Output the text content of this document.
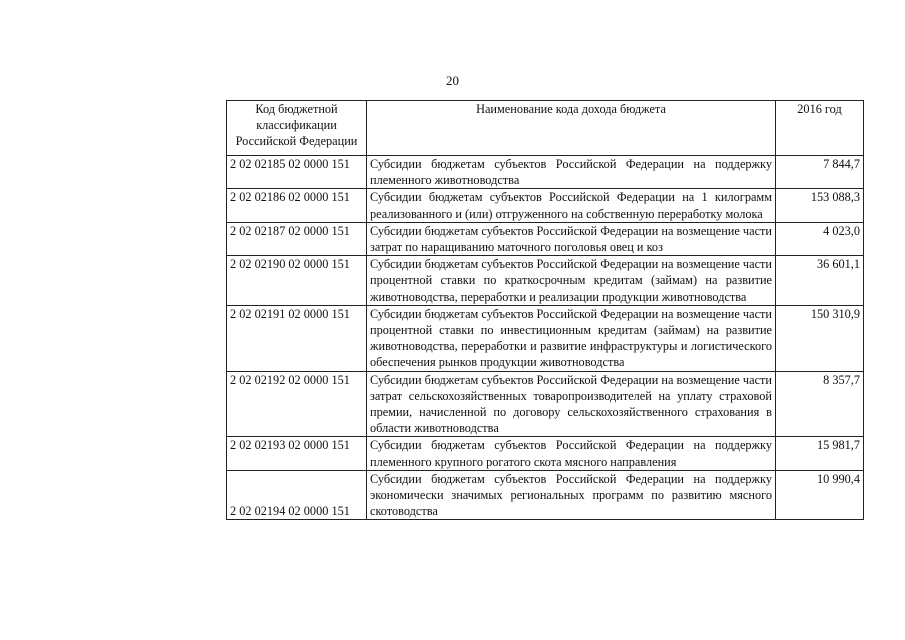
20
Код бюджетной классификации Российской Федерации	Наименование кода дохода бюджета	2016 год
2 02 02185 02 0000 151	Субсидии бюджетам субъектов Российской Федерации на поддержку племенного животноводства	7 844,7
2 02 02186 02 0000 151	Субсидии бюджетам субъектов Российской Федерации на 1 килограмм реализованного и (или) отгруженного на собственную переработку молока	153 088,3
2 02 02187 02 0000 151	Субсидии бюджетам субъектов Российской Федерации на возмещение части затрат по наращиванию маточного поголовья овец и коз	4 023,0
2 02 02190 02 0000 151	Субсидии бюджетам субъектов Российской Федерации на возмещение части процентной ставки по краткосрочным кредитам (займам) на развитие животноводства, переработки и реализации продукции животноводства	36 601,1
2 02 02191 02 0000 151	Субсидии бюджетам субъектов Российской Федерации на возмещение части процентной ставки по инвестиционным кредитам (займам) на развитие животноводства, переработки и развитие инфраструктуры и логистического обеспечения рынков продукции животноводства	150 310,9
2 02 02192 02 0000 151	Субсидии бюджетам субъектов Российской Федерации на возмещение части затрат сельскохозяйственных товаропроизводителей на уплату страховой премии, начисленной по договору сельскохозяйственного страхования в области животноводства	8 357,7
2 02 02193 02 0000 151	Субсидии бюджетам субъектов Российской Федерации на поддержку племенного крупного рогатого скота мясного направления	15 981,7
2 02 02194 02 0000 151	Субсидии бюджетам субъектов Российской Федерации на поддержку экономически значимых региональных программ по развитию мясного скотоводства	10 990,4
